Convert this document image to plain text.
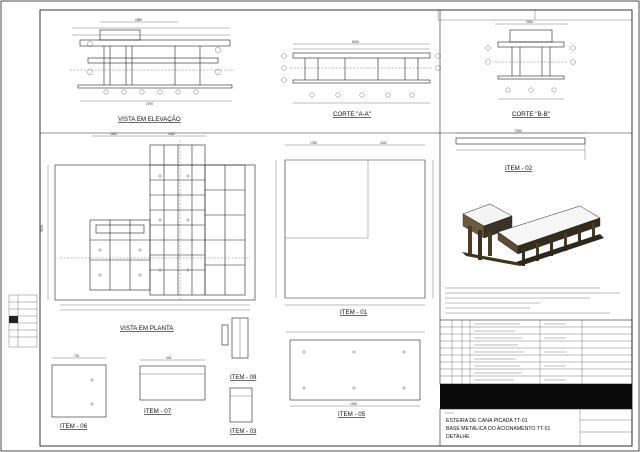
1880
2700
VISTA EM ELEVAÇÃO
6160
CORTE "A-A"
2000
CORTE "B-B"
2000
ITEM - 02
1180	1180
5195
VISTA EM PLANTA
1780	1180
ITEM - 01
700
ITEM - 06
400
ITEM - 07
ITEM - 09
ITEM - 03
1250
ITEM - 05
ESTEIRA DE CANA PICADA TT-01
BASE METALICA DO ACIONAMENTO TT-01
DETALHE
